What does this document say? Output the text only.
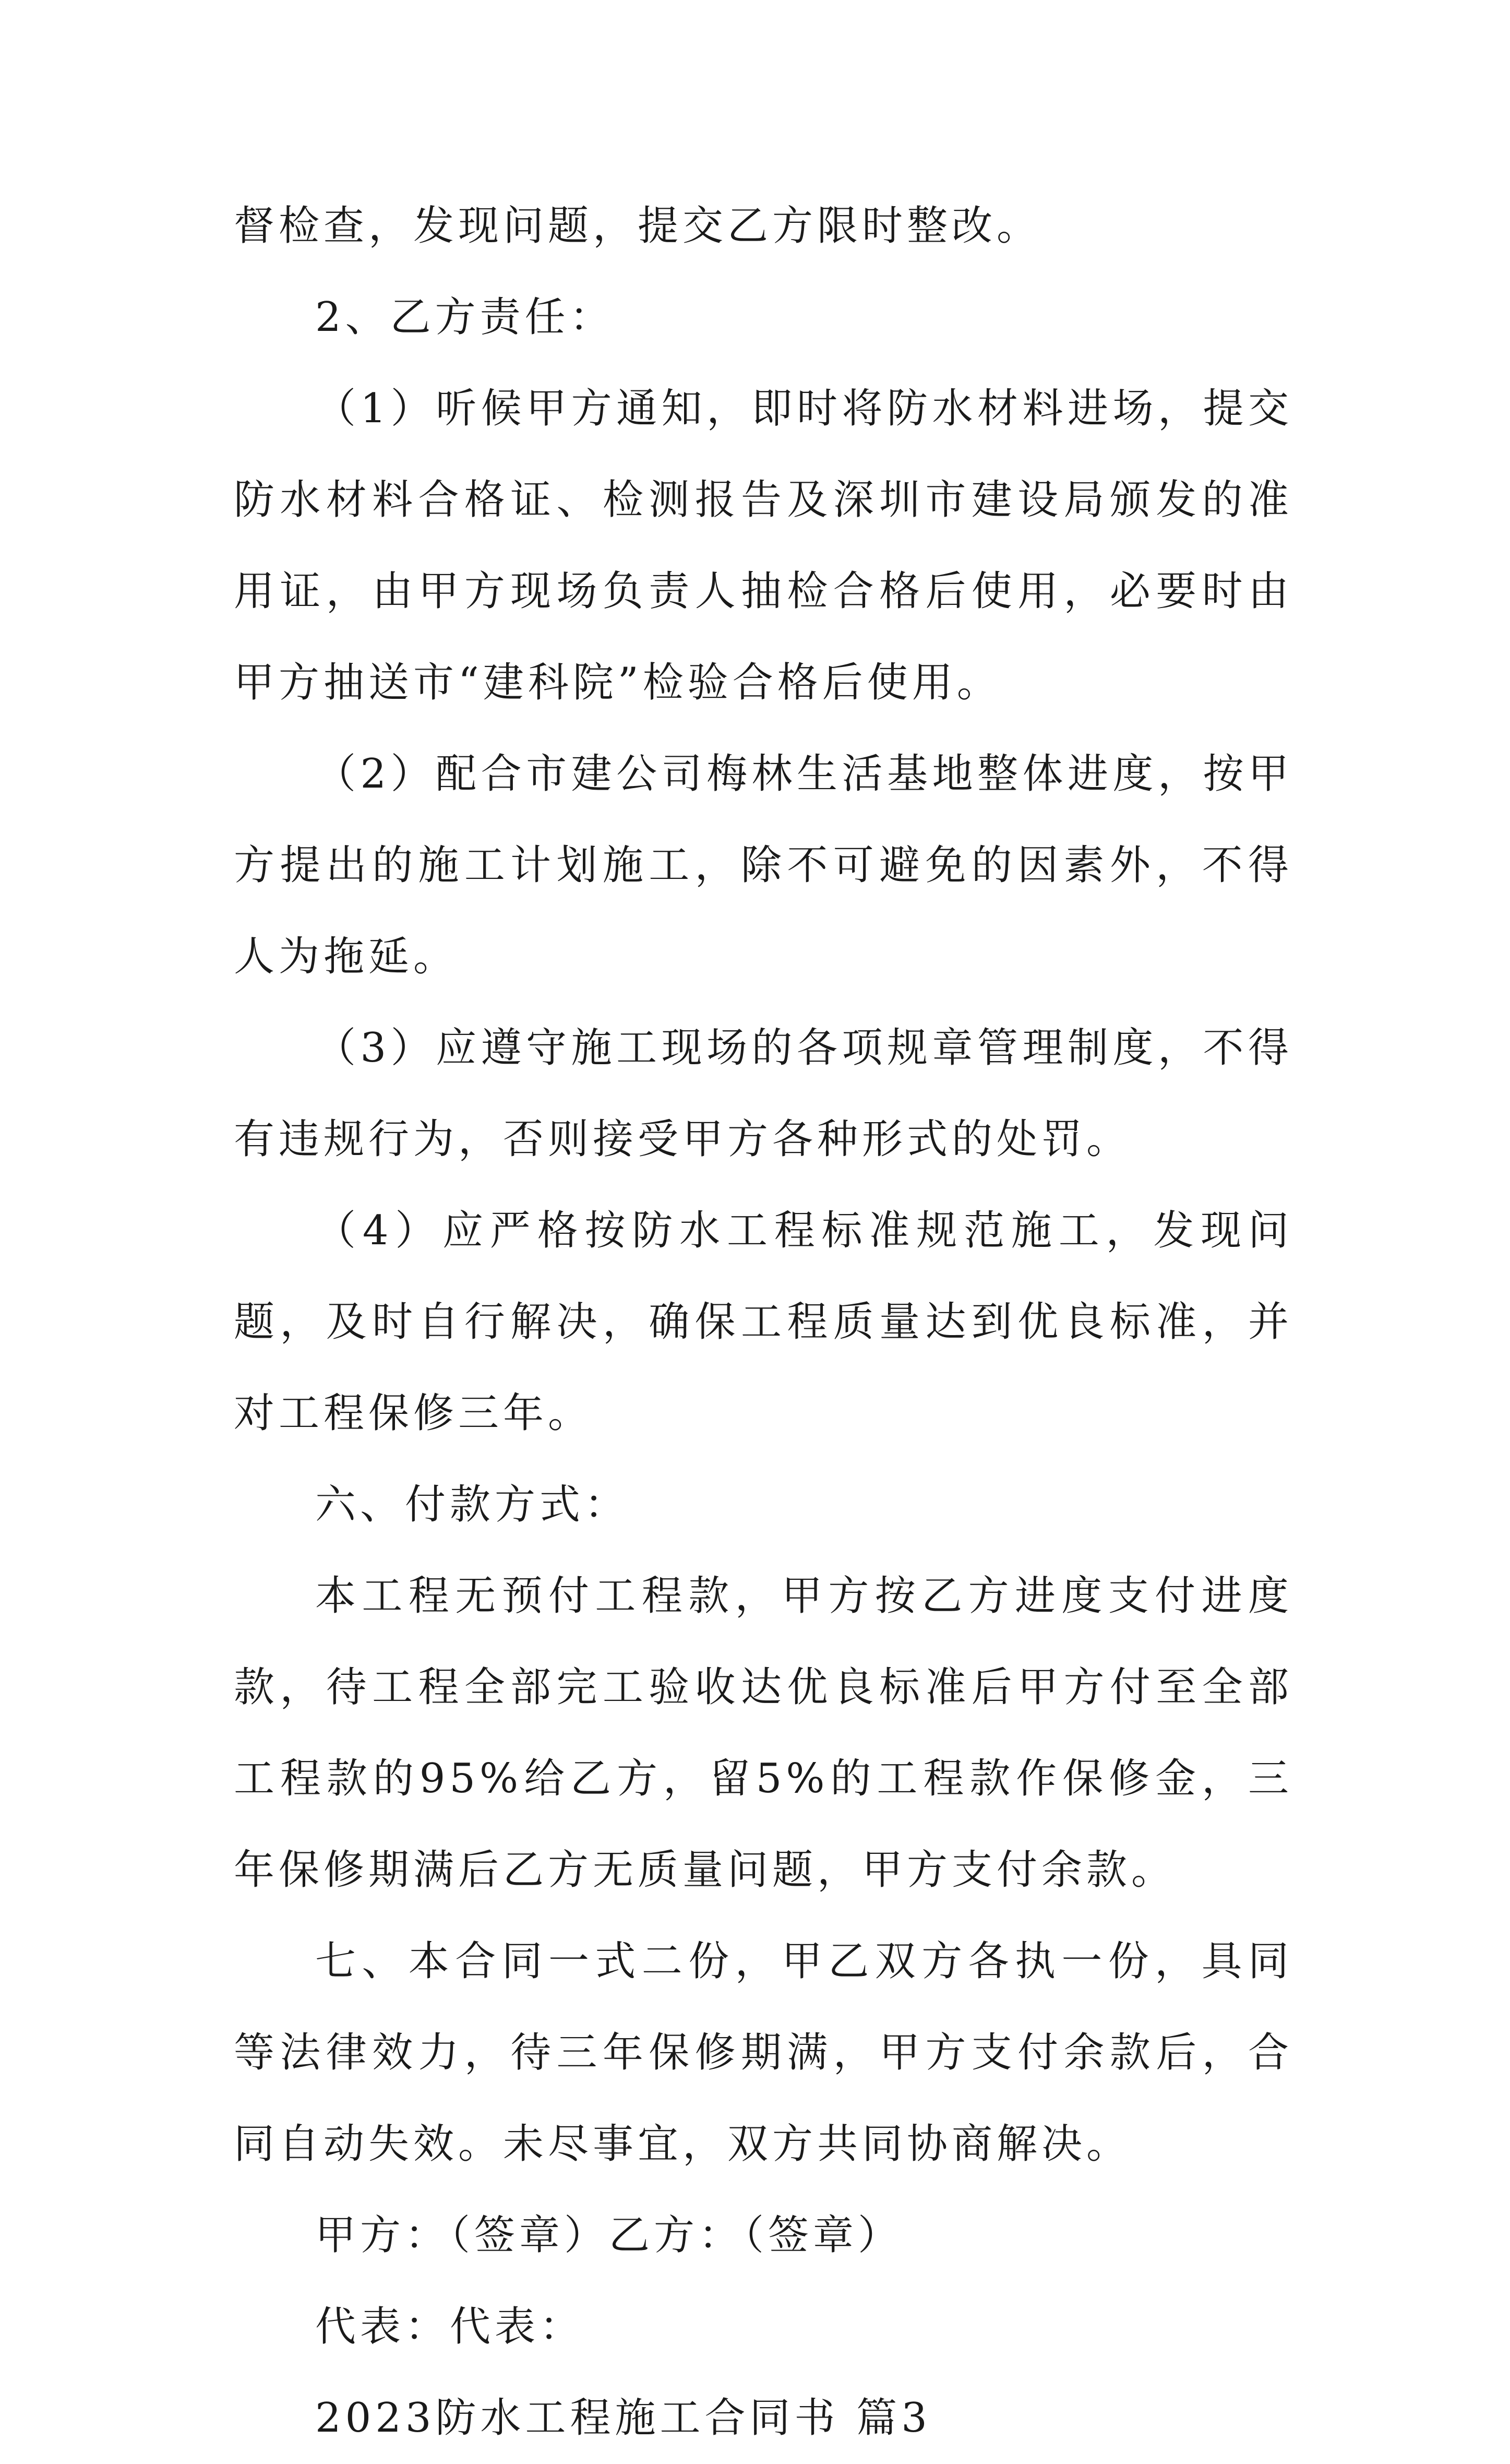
督检查，发现问题，提交乙方限时整改。

2、乙方责任：

（1）听候甲方通知，即时将防水材料进场，提交防水材料合格证、检测报告及深圳市建设局颁发的准用证，由甲方现场负责人抽检合格后使用，必要时由甲方抽送市“建科院”检验合格后使用。

（2）配合市建公司梅林生活基地整体进度，按甲方提出的施工计划施工，除不可避免的因素外，不得人为拖延。

（3）应遵守施工现场的各项规章管理制度，不得有违规行为，否则接受甲方各种形式的处罚。

（4）应严格按防水工程标准规范施工，发现问题，及时自行解决，确保工程质量达到优良标准，并对工程保修三年。

六、付款方式：

本工程无预付工程款，甲方按乙方进度支付进度款，待工程全部完工验收达优良标准后甲方付至全部工程款的95%给乙方，留5%的工程款作保修金，三年保修期满后乙方无质量问题，甲方支付余款。

七、本合同一式二份，甲乙双方各执一份，具同等法律效力，待三年保修期满，甲方支付余款后，合同自动失效。未尽事宜，双方共同协商解决。

甲方：（签章）乙方：（签章）

代表：代表：

2023防水工程施工合同书 篇3
